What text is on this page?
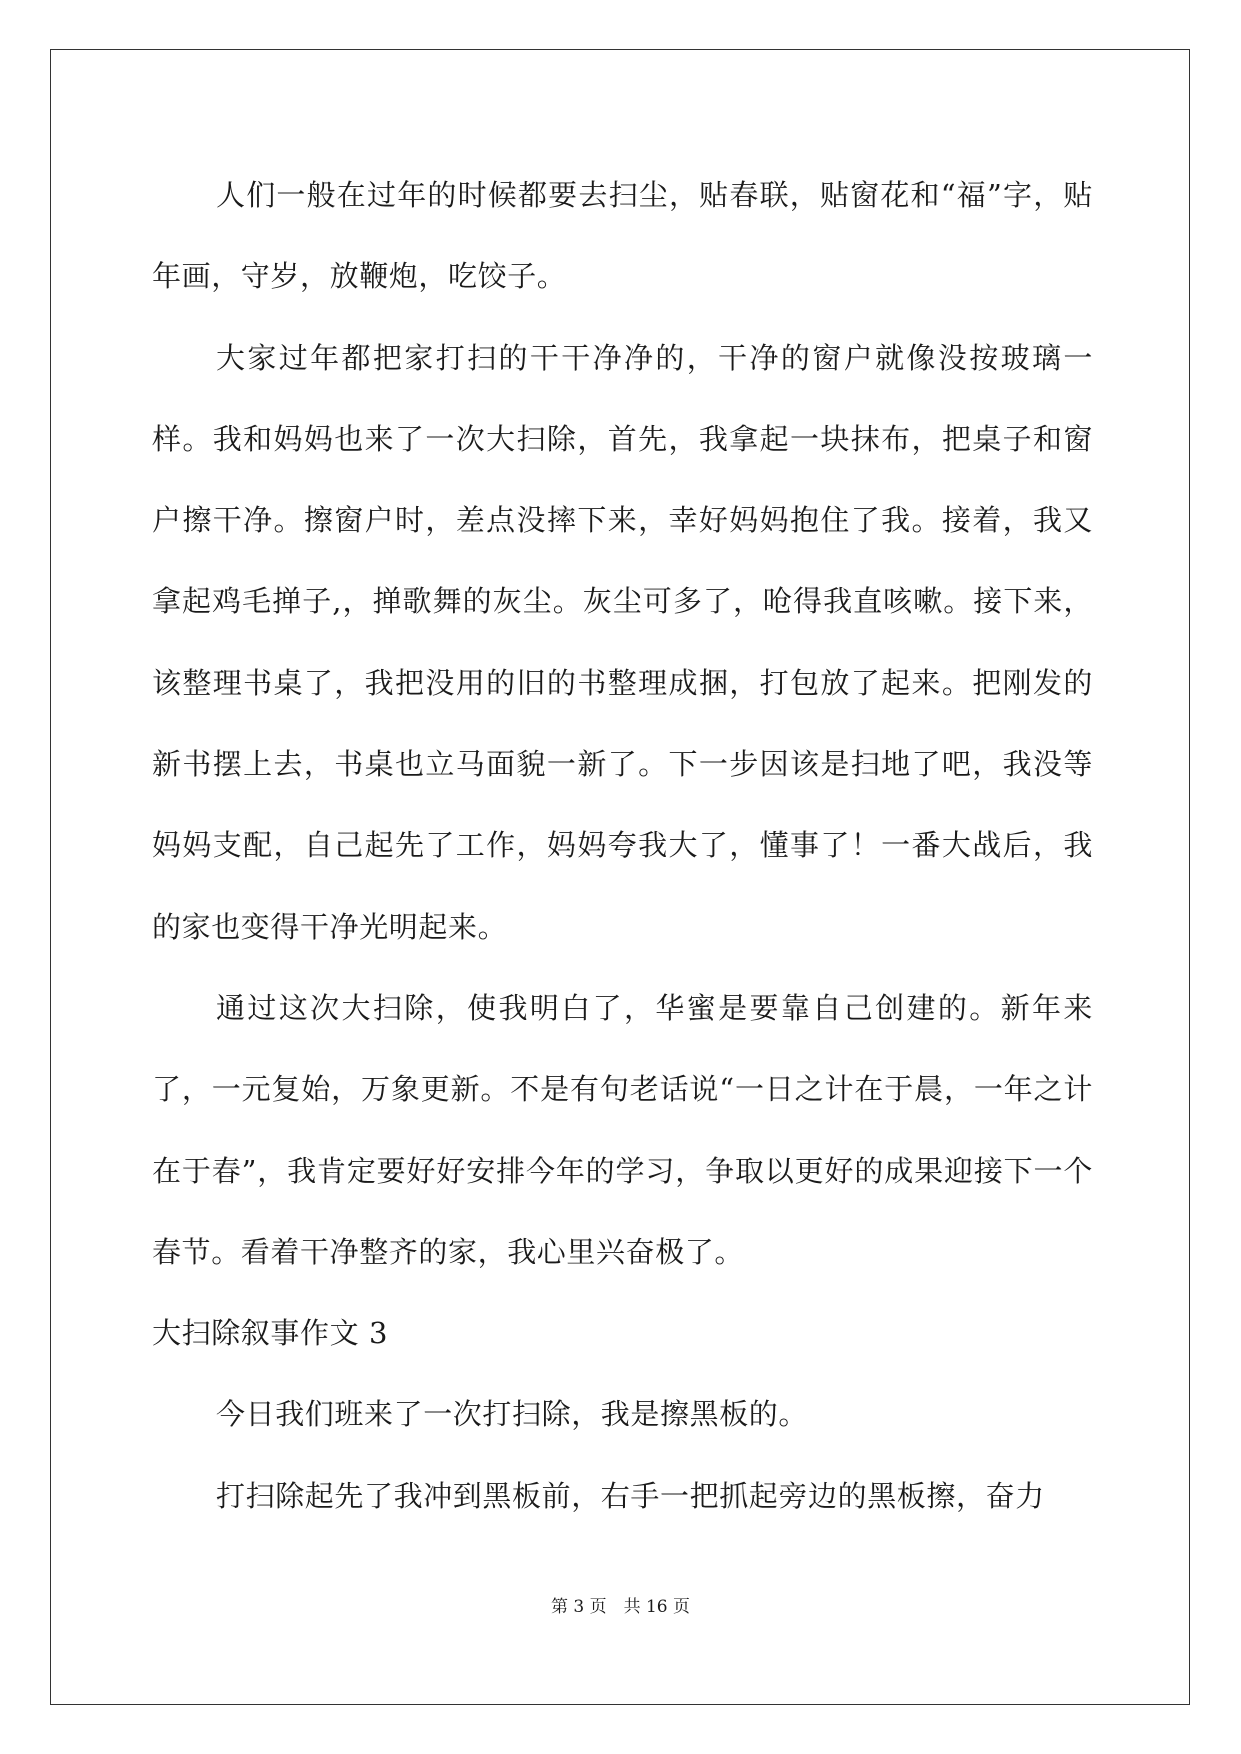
人们一般在过年的时候都要去扫尘，贴春联，贴窗花和“福”字，贴年画，守岁，放鞭炮，吃饺子。

大家过年都把家打扫的干干净净的，干净的窗户就像没按玻璃一样。我和妈妈也来了一次大扫除，首先，我拿起一块抹布，把桌子和窗户擦干净。擦窗户时，差点没摔下来，幸好妈妈抱住了我。接着，我又拿起鸡毛掸子,，掸歌舞的灰尘。灰尘可多了，呛得我直咳嗽。接下来，该整理书桌了，我把没用的旧的书整理成捆，打包放了起来。把刚发的新书摆上去，书桌也立马面貌一新了。下一步因该是扫地了吧，我没等妈妈支配，自己起先了工作，妈妈夸我大了，懂事了！一番大战后，我的家也变得干净光明起来。

通过这次大扫除，使我明白了，华蜜是要靠自己创建的。新年来了，一元复始，万象更新。不是有句老话说“一日之计在于晨，一年之计在于春”，我肯定要好好安排今年的学习，争取以更好的成果迎接下一个春节。看着干净整齐的家，我心里兴奋极了。

大扫除叙事作文 3

今日我们班来了一次打扫除，我是擦黑板的。

打扫除起先了我冲到黑板前，右手一把抓起旁边的黑板擦，奋力

第 3 页　共 16 页
